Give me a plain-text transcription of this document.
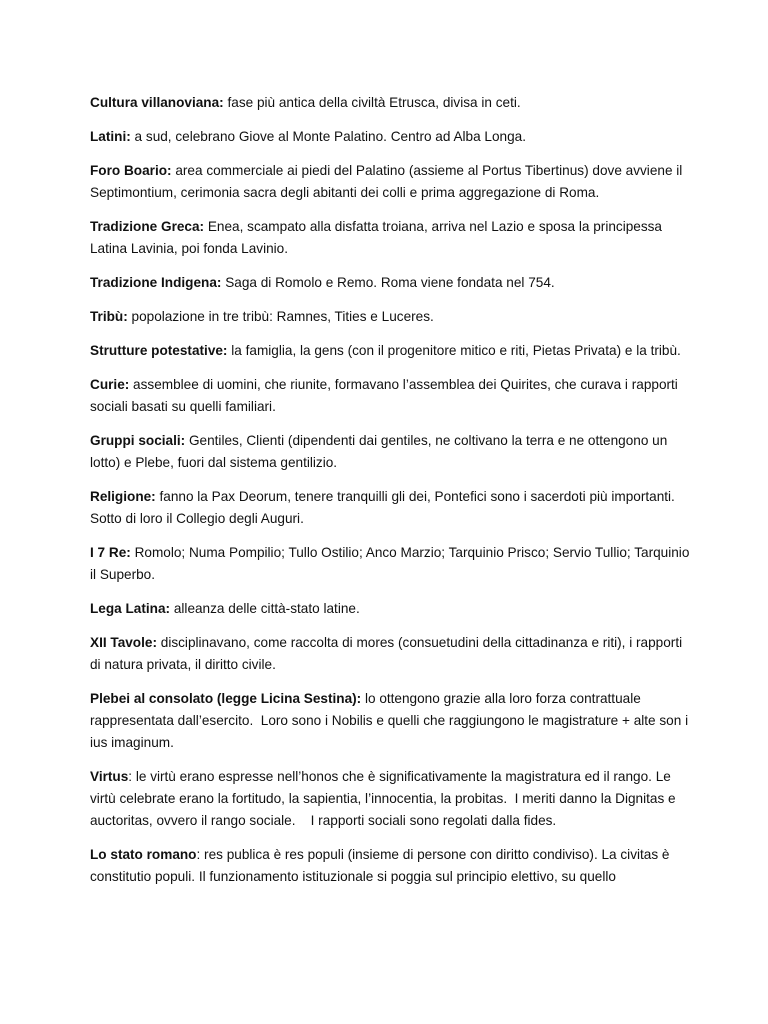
Cultura villanoviana: fase più antica della civiltà Etrusca, divisa in ceti.

Latini: a sud, celebrano Giove al Monte Palatino. Centro ad Alba Longa.

Foro Boario: area commerciale ai piedi del Palatino (assieme al Portus Tibertinus) dove avviene il Septimontium, cerimonia sacra degli abitanti dei colli e prima aggregazione di Roma.

Tradizione Greca: Enea, scampato alla disfatta troiana, arriva nel Lazio e sposa la principessa Latina Lavinia, poi fonda Lavinio.

Tradizione Indigena: Saga di Romolo e Remo. Roma viene fondata nel 754.

Tribù: popolazione in tre tribù: Ramnes, Tities e Luceres.

Strutture potestative: la famiglia, la gens (con il progenitore mitico e riti, Pietas Privata) e la tribù.

Curie: assemblee di uomini, che riunite, formavano l’assemblea dei Quirites, che curava i rapporti sociali basati su quelli familiari.

Gruppi sociali: Gentiles, Clienti (dipendenti dai gentiles, ne coltivano la terra e ne ottengono un lotto) e Plebe, fuori dal sistema gentilizio.

Religione: fanno la Pax Deorum, tenere tranquilli gli dei, Pontefici sono i sacerdoti più importanti. Sotto di loro il Collegio degli Auguri.

I 7 Re: Romolo; Numa Pompilio; Tullo Ostilio; Anco Marzio; Tarquinio Prisco; Servio Tullio; Tarquinio il Superbo.

Lega Latina: alleanza delle città-stato latine.

XII Tavole: disciplinavano, come raccolta di mores (consuetudini della cittadinanza e riti), i rapporti di natura privata, il diritto civile.

Plebei al consolato (legge Licina Sestina): lo ottengono grazie alla loro forza contrattuale rappresentata dall’esercito.  Loro sono i Nobilis e quelli che raggiungono le magistrature + alte son i ius imaginum.

Virtus: le virtù erano espresse nell’honos che è significativamente la magistratura ed il rango. Le virtù celebrate erano la fortitudo, la sapientia, l’innocentia, la probitas.  I meriti danno la Dignitas e auctoritas, ovvero il rango sociale.    I rapporti sociali sono regolati dalla fides.

Lo stato romano: res publica è res populi (insieme di persone con diritto condiviso). La civitas è constitutio populi. Il funzionamento istituzionale si poggia sul principio elettivo, su quello
